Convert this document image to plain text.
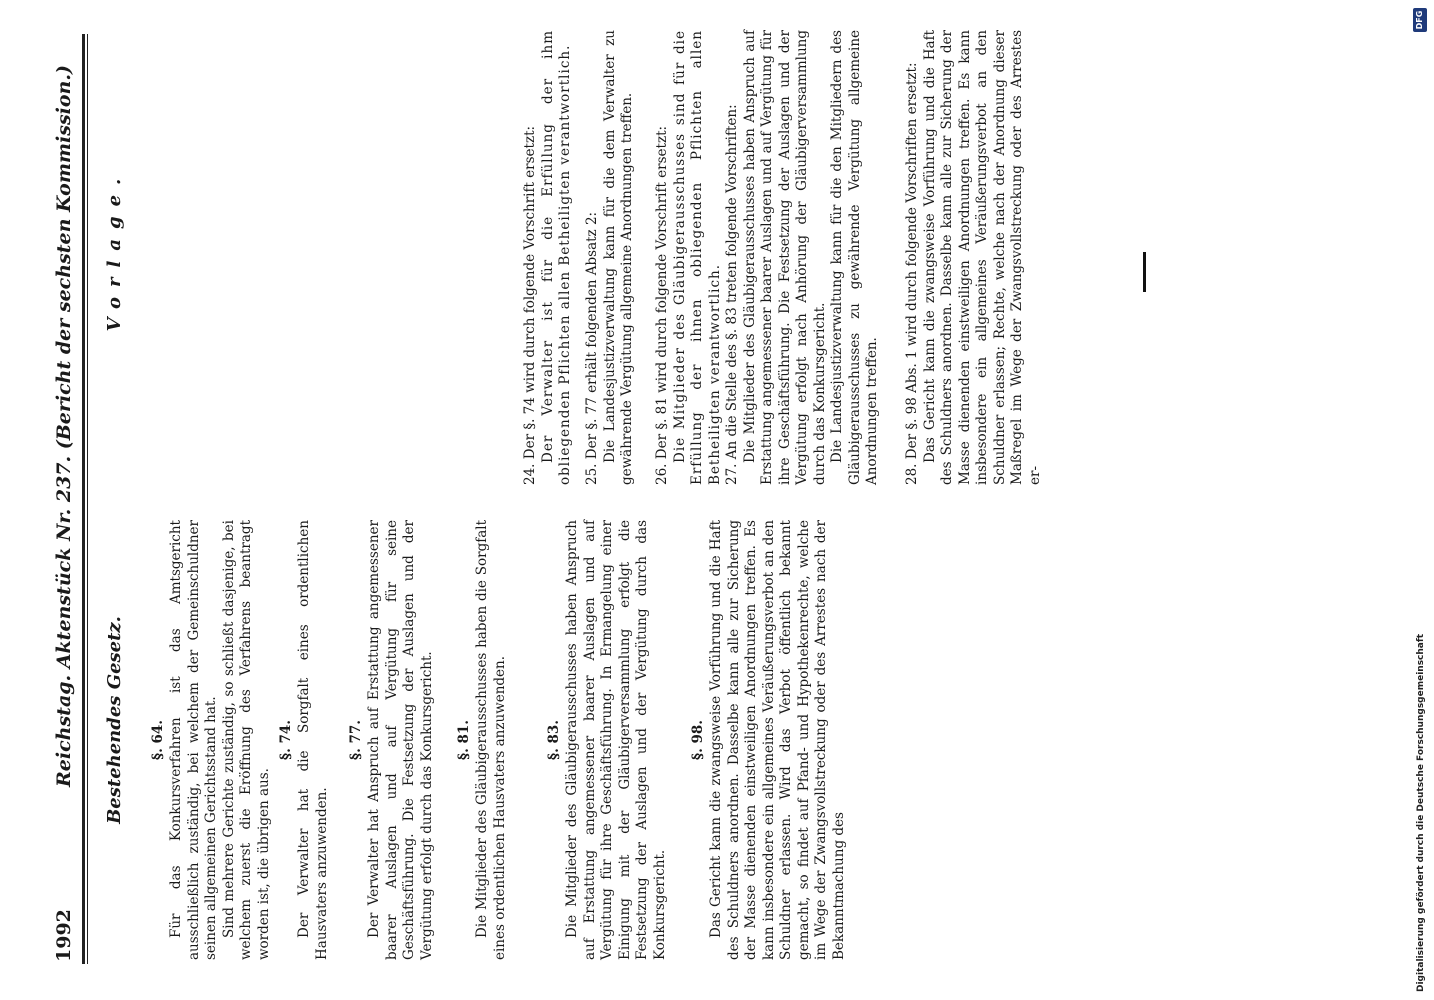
1992
Reichstag. Aktenstück Nr. 237. (Bericht der sechsten Kommission.) Bestehendes Gesetz.
Vorlage.

§. 64. Für das Konkursverfahren ist das Amtsgericht ausschließlich zuständig, bei welchem der Gemeinschuldner seinen allgemeinen Gerichtsstand hat. Sind mehrere Gerichte zuständig, so schließt dasjenige, bei welchem zuerst die Eröffnung des Verfahrens beantragt worden ist, die übrigen aus.

§. 74. Der Verwalter hat die Sorgfalt eines ordentlichen Hausvaters anzuwenden.

§. 77. Der Verwalter hat Anspruch auf Erstattung angemessener baarer Auslagen und auf Vergütung für seine Geschäftsführung. Die Festsetzung der Auslagen und der Vergütung erfolgt durch das Konkursgericht. §. 81. Die Mitglieder des Gläubigerausschusses haben die Sorgfalt eines ordentlichen Hausvaters anzuwenden.	§. 83. Die Mitglieder des Gläubigerausschusses haben Anspruch auf Erstattung angemessener baarer Auslagen und auf Vergütung für ihre Geschäftsführung. In Ermangelung einer Einigung mit der Gläubigerversammlung erfolgt die Festsetzung der Auslagen und der Vergütung durch das Konkursgericht.

§. 98. Das Gericht kann die zwangsweise Vorführung und die Haft des Schuldners anordnen. Dasselbe kann alle zur Sicherung der Masse dienenden einstweiligen Anordnungen treffen. Es kann insbesondere ein allgemeines Veräußerungsverbot an den Schuldner erlassen. Wird das Verbot öffentlich bekannt gemacht, so findet auf Pfand- und Hypothekenrechte, welche im Wege der Zwangsvollstreckung oder des Arrestes nach der Bekanntmachung des

24. Der §. 74 wird durch folgende Vorschrift ersetzt: Der Verwalter ist für die Erfüllung der ihm obliegenden Pflichten allen Betheiligten verantwortlich. 25. Der §. 77 erhält folgenden Absatz 2: Die Landesjustizverwaltung kann für die dem Verwalter zu gewährende Vergütung allgemeine Anordnungen treffen. 26. Der §. 81 wird durch folgende Vorschrift ersetzt: Die Mitglieder des Gläubigerausschusses sind für die Erfüllung der ihnen obliegenden Pflichten allen Betheiligten verantwortlich. 27. An die Stelle des §. 83 treten folgende Vorschriften: Die Mitglieder des Gläubigerausschusses haben Anspruch auf Erstattung angemessener baarer Auslagen und auf Vergütung für ihre Geschäftsführung. Die Festsetzung der Auslagen und der Vergütung erfolgt nach Anhörung der Gläubigerversammlung durch das Konkursgericht. Die Landesjustizverwaltung kann für die den Mitgliedern des Gläubigerausschusses zu gewährende Vergütung allgemeine Anordnungen treffen. 28. Der §. 98 Abs. 1 wird durch folgende Vorschriften ersetzt: Das Gericht kann die zwangsweise Vorführung und die Haft des Schuldners anordnen. Dasselbe kann alle zur Sicherung der Masse dienenden einstweiligen Anordnungen treffen. Es kann insbesondere ein allgemeines Veräußerungsverbot an den Schuldner erlassen; Rechte, welche nach der Anordnung dieser Maßregel im Wege der Zwangsvollstreckung oder des Arrestes er-

Digitalisierung gefördert durch die Deutsche Forschungsgemeinschaft
DFG
